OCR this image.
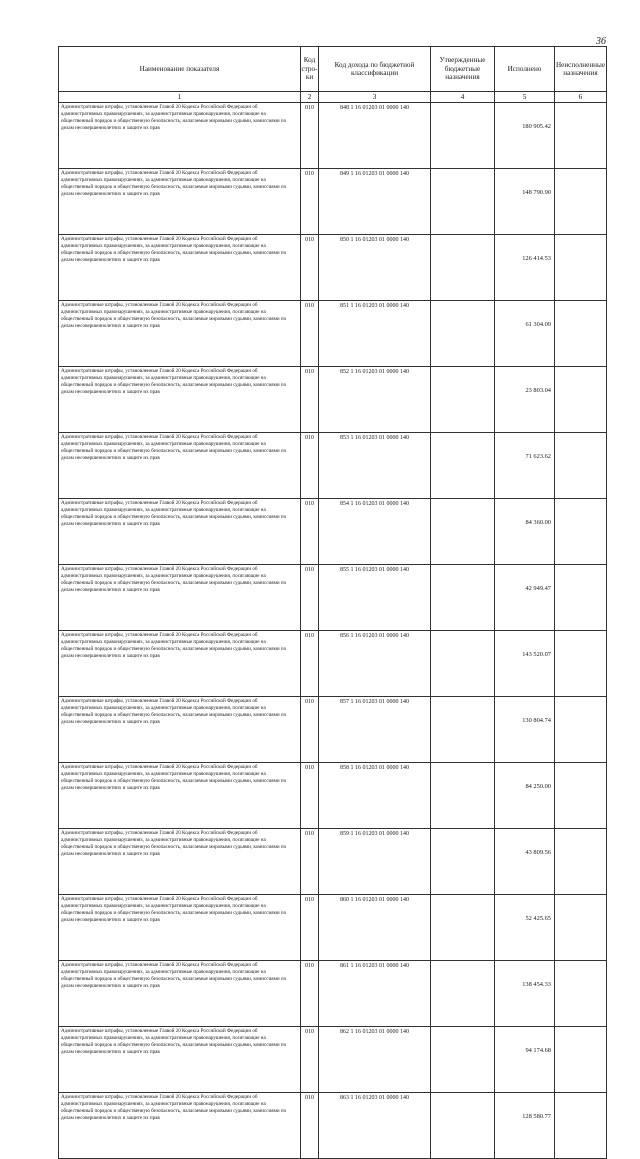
36
Наименование показателя	Код стро-ки	Код дохода по бюджетной классификации	Утвержденные бюджетные назначения	Исполнено	Неисполненные назначения
1	2	3	4	5	6
Административные штрафы, установленные Главой 20 Кодекса Российской Федерации об административных правонарушениях, за административные правонарушения, посягающие на общественный порядок и общественную безопасность, налагаемые мировыми судьями, комиссиями по делам несовершеннолетних и защите их прав	010	848 1 16 01203 01 0000 140		180 905.42	
Административные штрафы, установленные Главой 20 Кодекса Российской Федерации об административных правонарушениях, за административные правонарушения, посягающие на общественный порядок и общественную безопасность, налагаемые мировыми судьями, комиссиями по делам несовершеннолетних и защите их прав	010	849 1 16 01203 01 0000 140		148 790.90	
Административные штрафы, установленные Главой 20 Кодекса Российской Федерации об административных правонарушениях, за административные правонарушения, посягающие на общественный порядок и общественную безопасность, налагаемые мировыми судьями, комиссиями по делам несовершеннолетних и защите их прав	010	850 1 16 01203 01 0000 140		126 414.53	
Административные штрафы, установленные Главой 20 Кодекса Российской Федерации об административных правонарушениях, за административные правонарушения, посягающие на общественный порядок и общественную безопасность, налагаемые мировыми судьями, комиссиями по делам несовершеннолетних и защите их прав	010	851 1 16 01203 01 0000 140		61 304.09	
Административные штрафы, установленные Главой 20 Кодекса Российской Федерации об административных правонарушениях, за административные правонарушения, посягающие на общественный порядок и общественную безопасность, налагаемые мировыми судьями, комиссиями по делам несовершеннолетних и защите их прав	010	852 1 16 01203 01 0000 140		23 803.04	
Административные штрафы, установленные Главой 20 Кодекса Российской Федерации об административных правонарушениях, за административные правонарушения, посягающие на общественный порядок и общественную безопасность, налагаемые мировыми судьями, комиссиями по делам несовершеннолетних и защите их прав	010	853 1 16 01203 01 0000 140		71 623.62	
Административные штрафы, установленные Главой 20 Кодекса Российской Федерации об административных правонарушениях, за административные правонарушения, посягающие на общественный порядок и общественную безопасность, налагаемые мировыми судьями, комиссиями по делам несовершеннолетних и защите их прав	010	854 1 16 01203 01 0000 140		84 360.00	
Административные штрафы, установленные Главой 20 Кодекса Российской Федерации об административных правонарушениях, за административные правонарушения, посягающие на общественный порядок и общественную безопасность, налагаемые мировыми судьями, комиссиями по делам несовершеннолетних и защите их прав	010	855 1 16 01203 01 0000 140		42 949.47	
Административные штрафы, установленные Главой 20 Кодекса Российской Федерации об административных правонарушениях, за административные правонарушения, посягающие на общественный порядок и общественную безопасность, налагаемые мировыми судьями, комиссиями по делам несовершеннолетних и защите их прав	010	856 1 16 01203 01 0000 140		143 520.07	
Административные штрафы, установленные Главой 20 Кодекса Российской Федерации об административных правонарушениях, за административные правонарушения, посягающие на общественный порядок и общественную безопасность, налагаемые мировыми судьями, комиссиями по делам несовершеннолетних и защите их прав	010	857 1 16 01203 01 0000 140		130 804.74	
Административные штрафы, установленные Главой 20 Кодекса Российской Федерации об административных правонарушениях, за административные правонарушения, посягающие на общественный порядок и общественную безопасность, налагаемые мировыми судьями, комиссиями по делам несовершеннолетних и защите их прав	010	858 1 16 01203 01 0000 140		84 250.00	
Административные штрафы, установленные Главой 20 Кодекса Российской Федерации об административных правонарушениях, за административные правонарушения, посягающие на общественный порядок и общественную безопасность, налагаемые мировыми судьями, комиссиями по делам несовершеннолетних и защите их прав	010	859 1 16 01203 01 0000 140		43 809.56	
Административные штрафы, установленные Главой 20 Кодекса Российской Федерации об административных правонарушениях, за административные правонарушения, посягающие на общественный порядок и общественную безопасность, налагаемые мировыми судьями, комиссиями по делам несовершеннолетних и защите их прав	010	860 1 16 01203 01 0000 140		52 425.65	
Административные штрафы, установленные Главой 20 Кодекса Российской Федерации об административных правонарушениях, за административные правонарушения, посягающие на общественный порядок и общественную безопасность, налагаемые мировыми судьями, комиссиями по делам несовершеннолетних и защите их прав	010	861 1 16 01203 01 0000 140		138 454.33	
Административные штрафы, установленные Главой 20 Кодекса Российской Федерации об административных правонарушениях, за административные правонарушения, посягающие на общественный порядок и общественную безопасность, налагаемые мировыми судьями, комиссиями по делам несовершеннолетних и защите их прав	010	862 1 16 01203 01 0000 140		94 174.68	
Административные штрафы, установленные Главой 20 Кодекса Российской Федерации об административных правонарушениях, за административные правонарушения, посягающие на общественный порядок и общественную безопасность, налагаемые мировыми судьями, комиссиями по делам несовершеннолетних и защите их прав	010	863 1 16 01203 01 0000 140		128 580.77	
